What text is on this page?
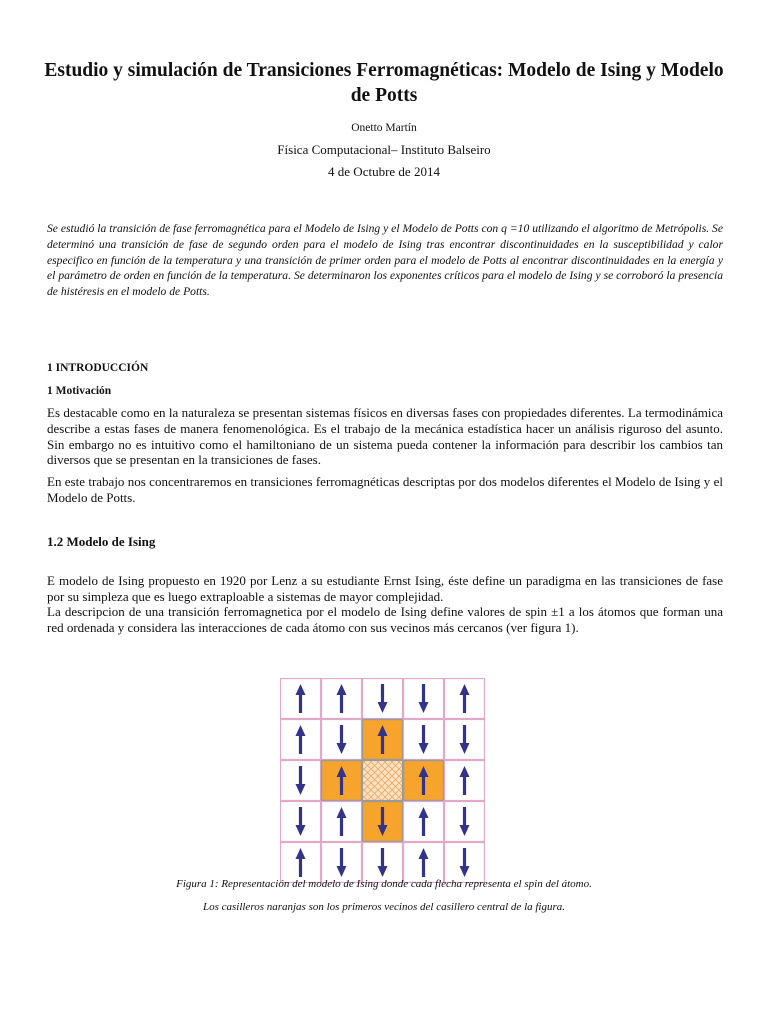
Estudio y simulación de Transiciones Ferromagnéticas: Modelo de Ising y Modelo de Potts

Onetto Martín

Física Computacional– Instituto Balseiro

4 de Octubre de 2014

Se estudió la transición de fase ferromagnética para el Modelo de Ising y el Modelo de Potts con q =10 utilizando el algoritmo de Metrópolis. Se determinó una transición de fase de segundo orden para el modelo de Ising tras encontrar discontinuidades en la susceptibilidad y calor especifico en función de la temperatura y una transición de primer orden para el modelo de Potts al encontrar discontinuidades en la energía y el parámetro de orden en función de la temperatura. Se determinaron los exponentes críticos para el modelo de Ising y se corroboró la presencia de histéresis en el modelo de Potts.

1 INTRODUCCIÓN

1 Motivación

Es destacable como en la naturaleza se presentan sistemas físicos en diversas fases con propiedades diferentes. La termodinámica describe a estas fases de manera fenomenológica. Es el trabajo de la mecánica estadística hacer un análisis riguroso del asunto. Sin embargo no es intuitivo como el hamiltoniano de un sistema pueda contener la información para describir los cambios tan diversos que se presentan en la transiciones de fases.

En este trabajo nos concentraremos en transiciones ferromagnéticas descriptas por dos modelos diferentes el Modelo de Ising y el Modelo de Potts.

1.2 Modelo de Ising

E modelo de Ising propuesto en 1920 por Lenz a su estudiante Ernst Ising, éste define un paradigma en las transiciones de fase por su simpleza que es luego extraploable a sistemas de mayor complejidad.

La descripcion de una transición ferromagnetica por el modelo de Ising define valores de spin ±1 a los átomos que forman una red ordenada y considera las interacciones de cada átomo con sus vecinos más cercanos (ver figura 1).

Figura 1: Representación del modelo de Ising donde cada flecha representa el spin del átomo.

Los casilleros naranjas son los primeros vecinos del casillero central de la figura.
